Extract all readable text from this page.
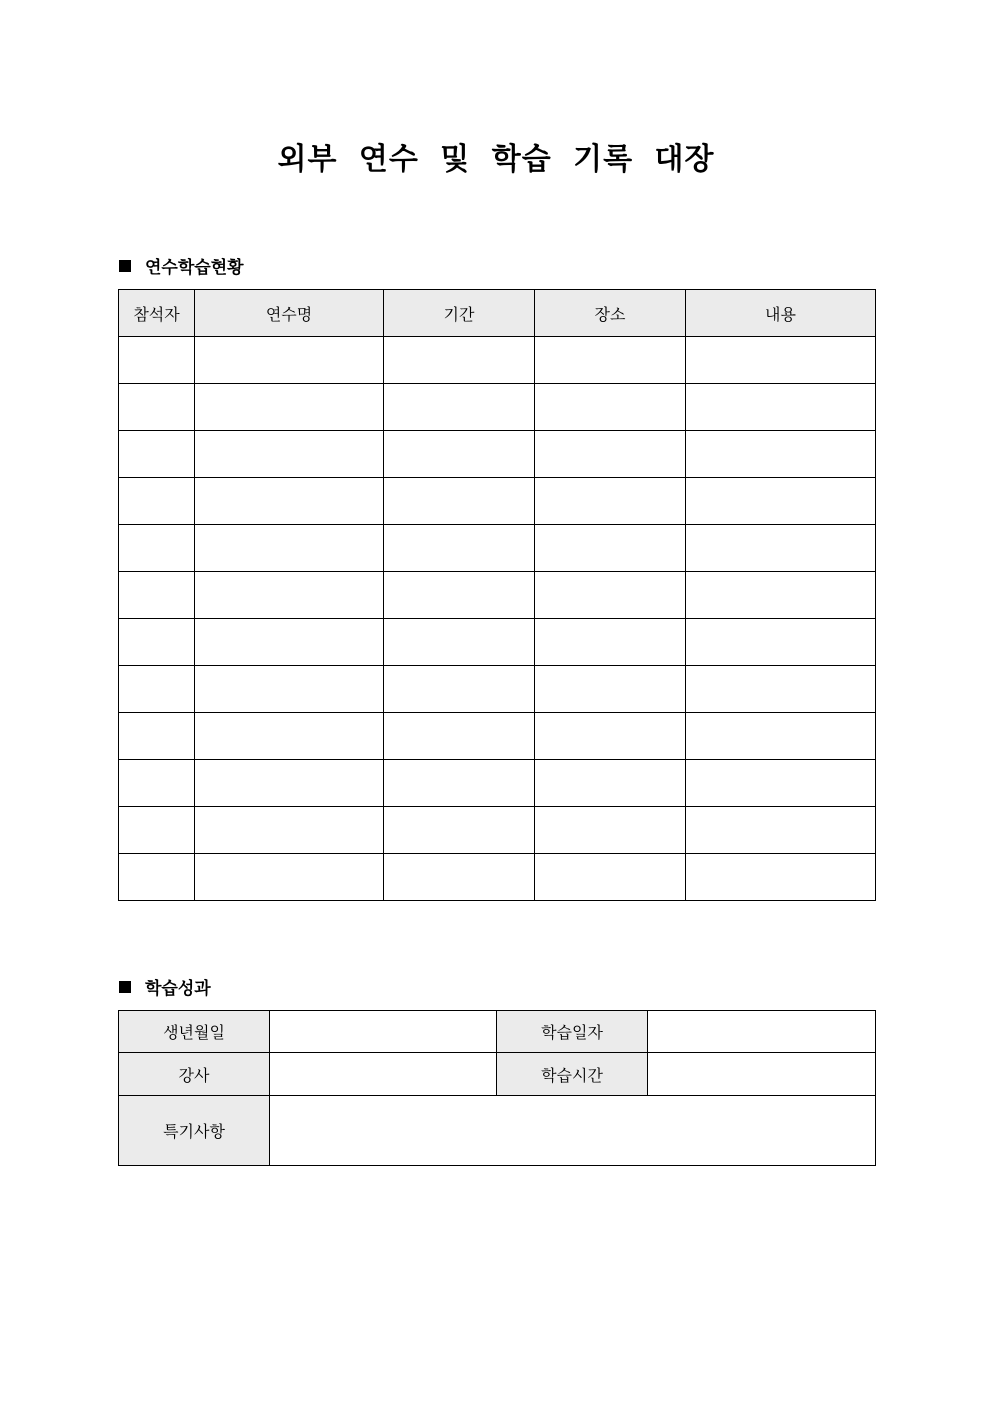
외부 연수 및 학습 기록 대장
연수학습현황
참석자	연수명	기간	장소	내용

학습성과
생년월일		학습일자	
강사		학습시간	
특기사항			
